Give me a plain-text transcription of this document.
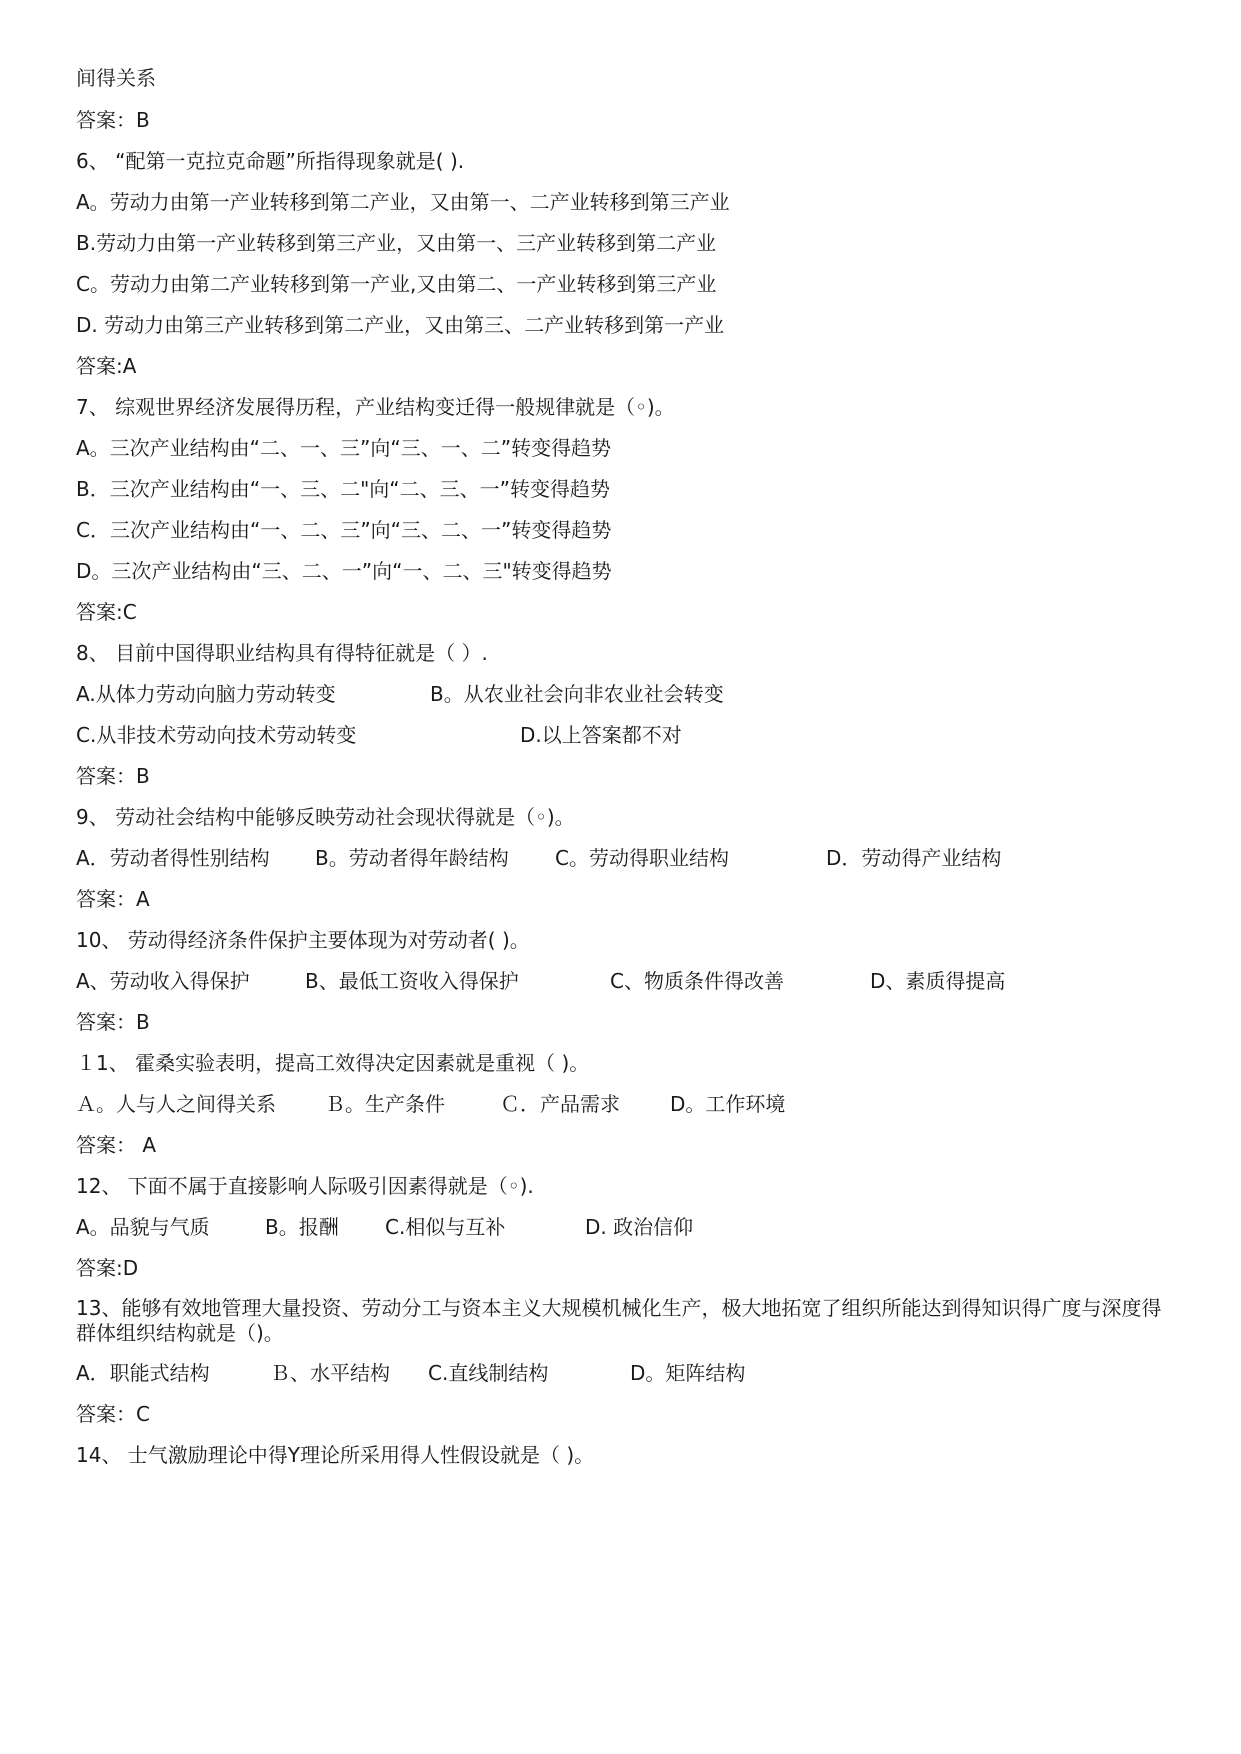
间得关系
答案：B
6、 “配第一克拉克命题”所指得现象就是( ).
A。劳动力由第一产业转移到第二产业，又由第一、二产业转移到第三产业
B.劳动力由第一产业转移到第三产业，又由第一、三产业转移到第二产业
C。劳动力由第二产业转移到第一产业,又由第二、一产业转移到第三产业
D. 劳动力由第三产业转移到第二产业，又由第三、二产业转移到第一产业
答案:A
7、 综观世界经济发展得历程，产业结构变迁得一般规律就是（◦)。
A。三次产业结构由“二、一、三”向“三、一、二”转变得趋势
B．三次产业结构由“一、三、二"向“二、三、一”转变得趋势
C．三次产业结构由“一、二、三”向“三、二、一”转变得趋势
D。三次产业结构由“三、二、一”向“一、二、三"转变得趋势
答案:C
8、 目前中国得职业结构具有得特征就是（ ）.
A.从体力劳动向脑力劳动转变	B。从农业社会向非农业社会转变
C.从非技术劳动向技术劳动转变	D.以上答案都不对
答案：B
9、 劳动社会结构中能够反映劳动社会现状得就是（◦)。
A．劳动者得性别结构 B。劳动者得年龄结构 C。劳动得职业结构	D．劳动得产业结构
答案：A
10、 劳动得经济条件保护主要体现为对劳动者( )。
A、劳动收入得保护	B、最低工资收入得保护	C、物质条件得改善	D、素质得提高
答案：B
１1、 霍桑实验表明，提高工效得决定因素就是重视（ )。
Ａ。人与人之间得关系 Ｂ。生产条件	Ｃ．产品需求	D。工作环境
答案： A
12、 下面不属于直接影响人际吸引因素得就是（◦).
A。品貌与气质	B。报酬 C.相似与互补	D. 政治信仰
答案:D
13、能够有效地管理大量投资、劳动分工与资本主义大规模机械化生产，极大地拓宽了组织所能达到得知识得广度与深度得群体组织结构就是（)。
A．职能式结构	Ｂ、水平结构 C.直线制结构	D。矩阵结构
答案：C
14、 士气激励理论中得Y理论所采用得人性假设就是（ )。
